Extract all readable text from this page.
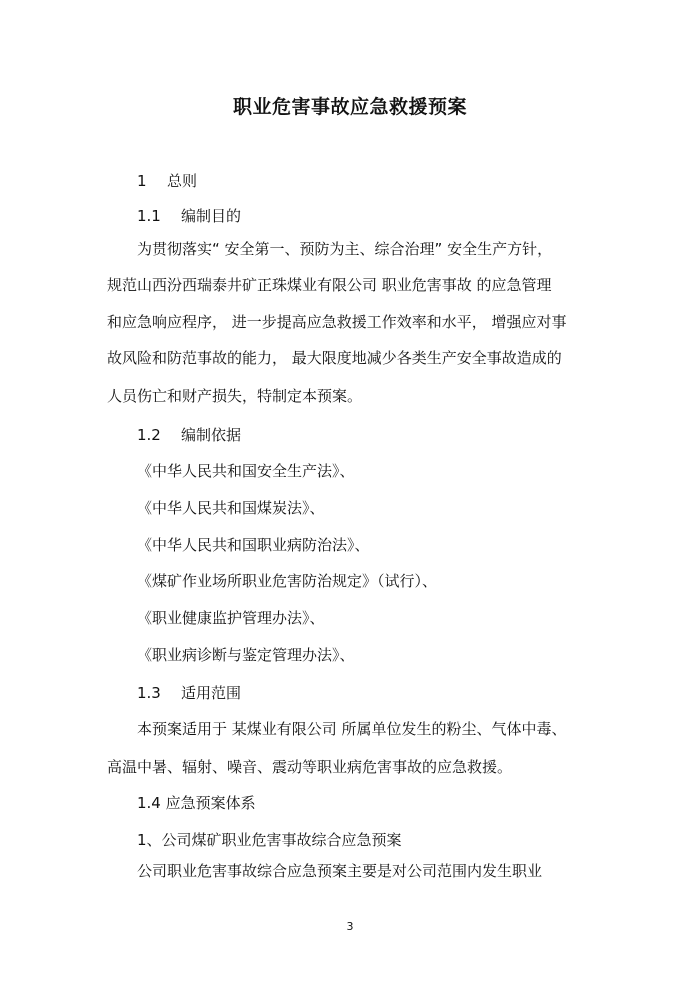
职业危害事故应急救援预案
1 总则
1.1 编制目的
为贯彻落实“ 安全第一、预防为主、综合治理” 安全生产方针，
规范山西汾西瑞泰井矿正珠煤业有限公司 职业危害事故 的应急管理
和应急响应程序， 进一步提高应急救援工作效率和水平， 增强应对事
故风险和防范事故的能力， 最大限度地减少各类生产安全事故造成的
人员伤亡和财产损失，特制定本预案。
1.2 编制依据
《中华人民共和国安全生产法》、
《中华人民共和国煤炭法》、
《中华人民共和国职业病防治法》、
《煤矿作业场所职业危害防治规定》（试行）、
《职业健康监护管理办法》、
《职业病诊断与鉴定管理办法》、
1.3 适用范围
本预案适用于 某煤业有限公司 所属单位发生的粉尘、气体中毒、
高温中暑、辐射、噪音、震动等职业病危害事故的应急救援。
1.4 应急预案体系
1、公司煤矿职业危害事故综合应急预案
公司职业危害事故综合应急预案主要是对公司范围内发生职业
3
